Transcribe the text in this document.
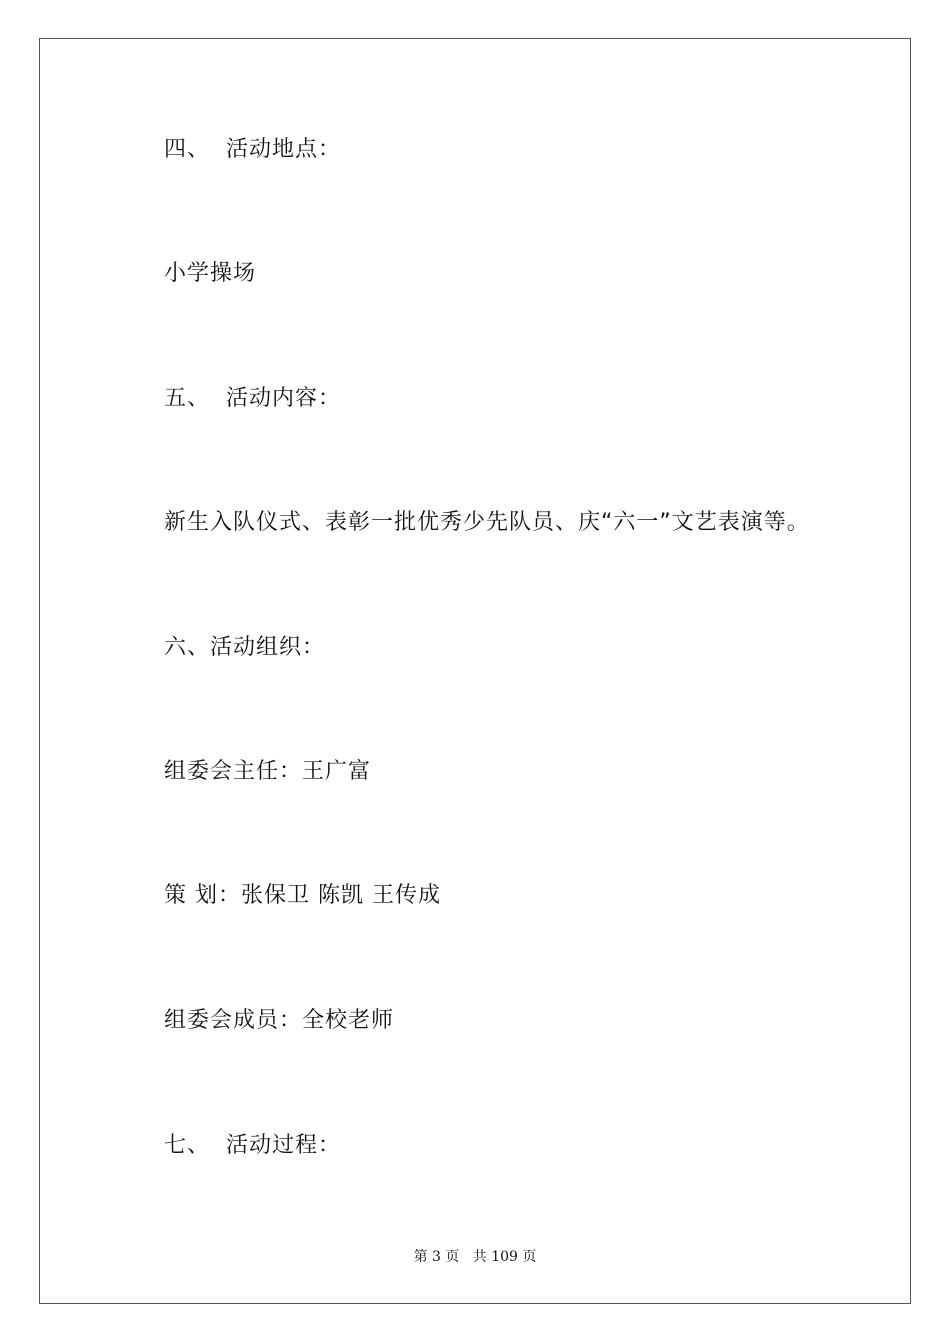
四、  活动地点：
小学操场
五、  活动内容：
新生入队仪式、表彰一批优秀少先队员、庆“六一”文艺表演等。
六、活动组织：
组委会主任：王广富
策 划：张保卫 陈凯 王传成
组委会成员：全校老师
七、  活动过程：
第 3 页   共 109 页
